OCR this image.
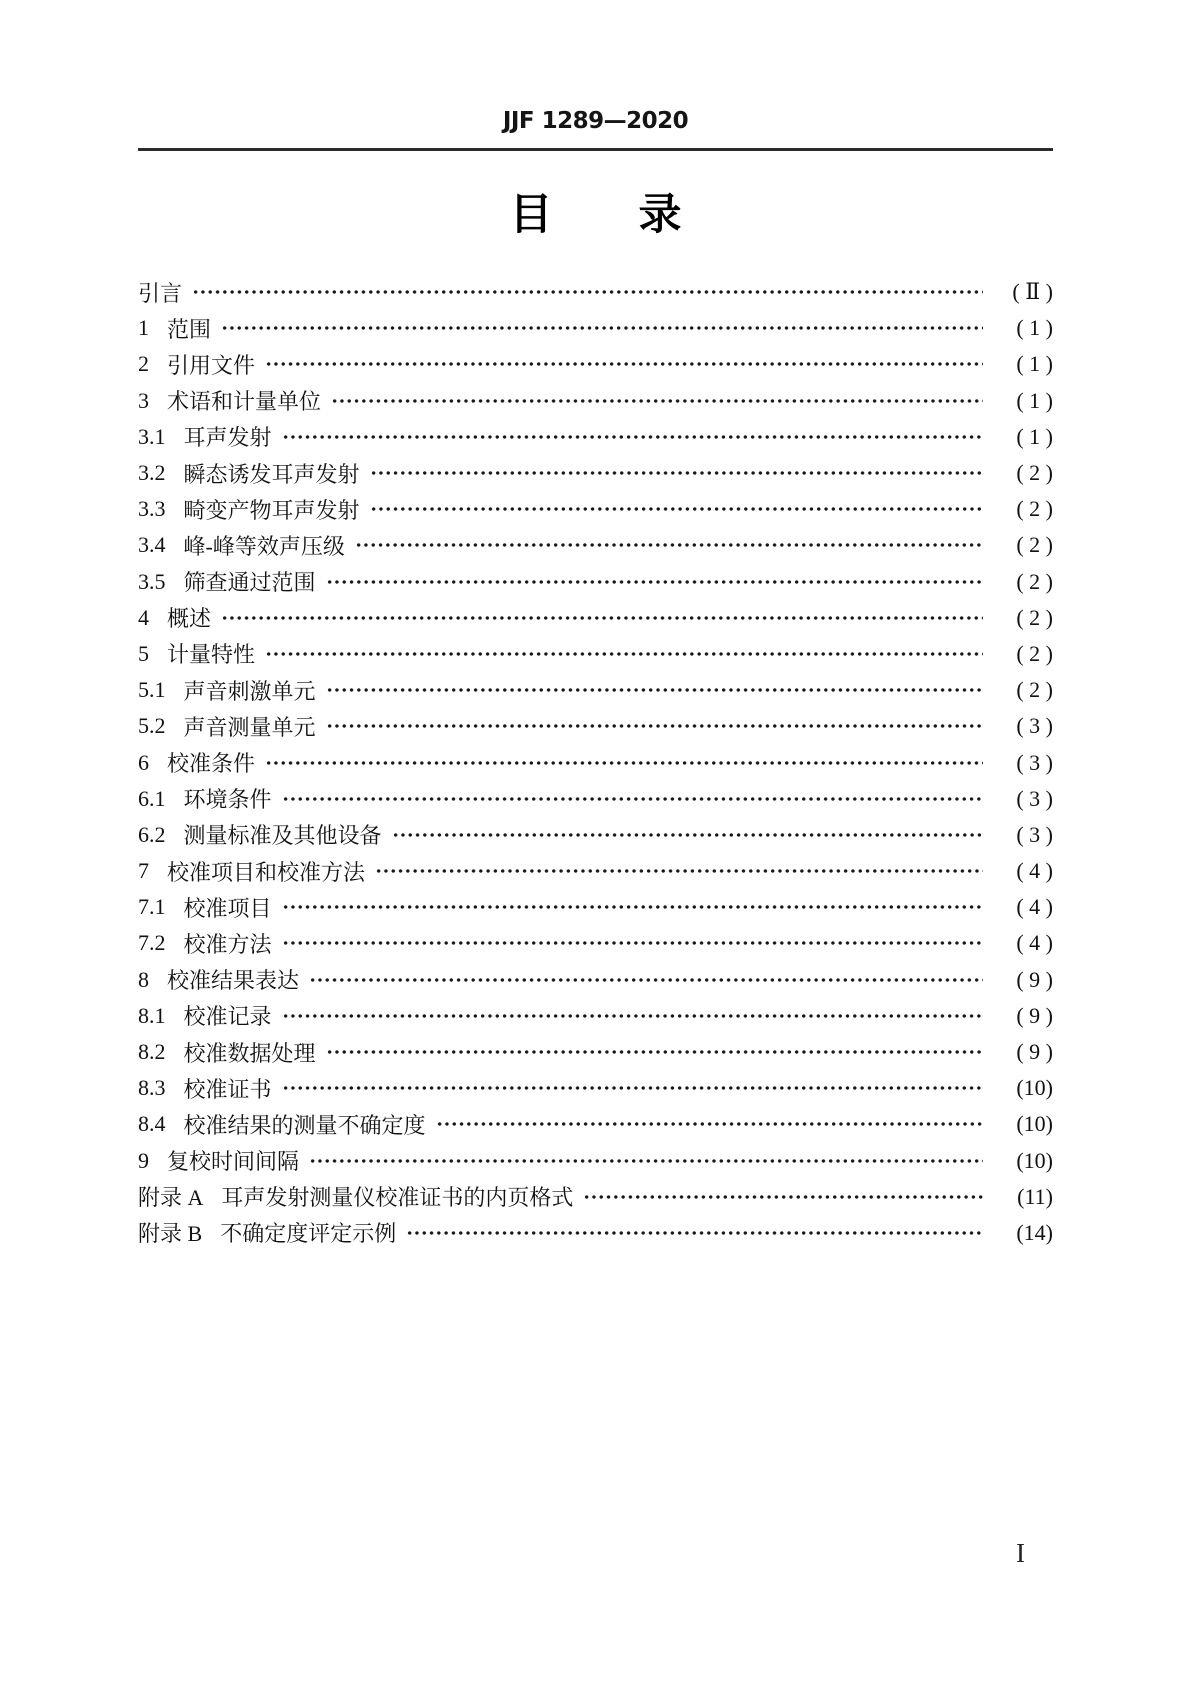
JJF 1289—2020
目 录
引言	( Ⅱ )
1 范围	( 1 )
2 引用文件	( 1 )
3 术语和计量单位	( 1 )
3.1 耳声发射	( 1 )
3.2 瞬态诱发耳声发射	( 2 )
3.3 畸变产物耳声发射	( 2 )
3.4 峰-峰等效声压级	( 2 )
3.5 筛查通过范围	( 2 )
4 概述	( 2 )
5 计量特性	( 2 )
5.1 声音刺激单元	( 2 )
5.2 声音测量单元	( 3 )
6 校准条件	( 3 )
6.1 环境条件	( 3 )
6.2 测量标准及其他设备	( 3 )
7 校准项目和校准方法	( 4 )
7.1 校准项目	( 4 )
7.2 校准方法	( 4 )
8 校准结果表达	( 9 )
8.1 校准记录	( 9 )
8.2 校准数据处理	( 9 )
8.3 校准证书	(10)
8.4 校准结果的测量不确定度	(10)
9 复校时间间隔	(10)
附录 A 耳声发射测量仪校准证书的内页格式	(11)
附录 B 不确定度评定示例	(14)
I
